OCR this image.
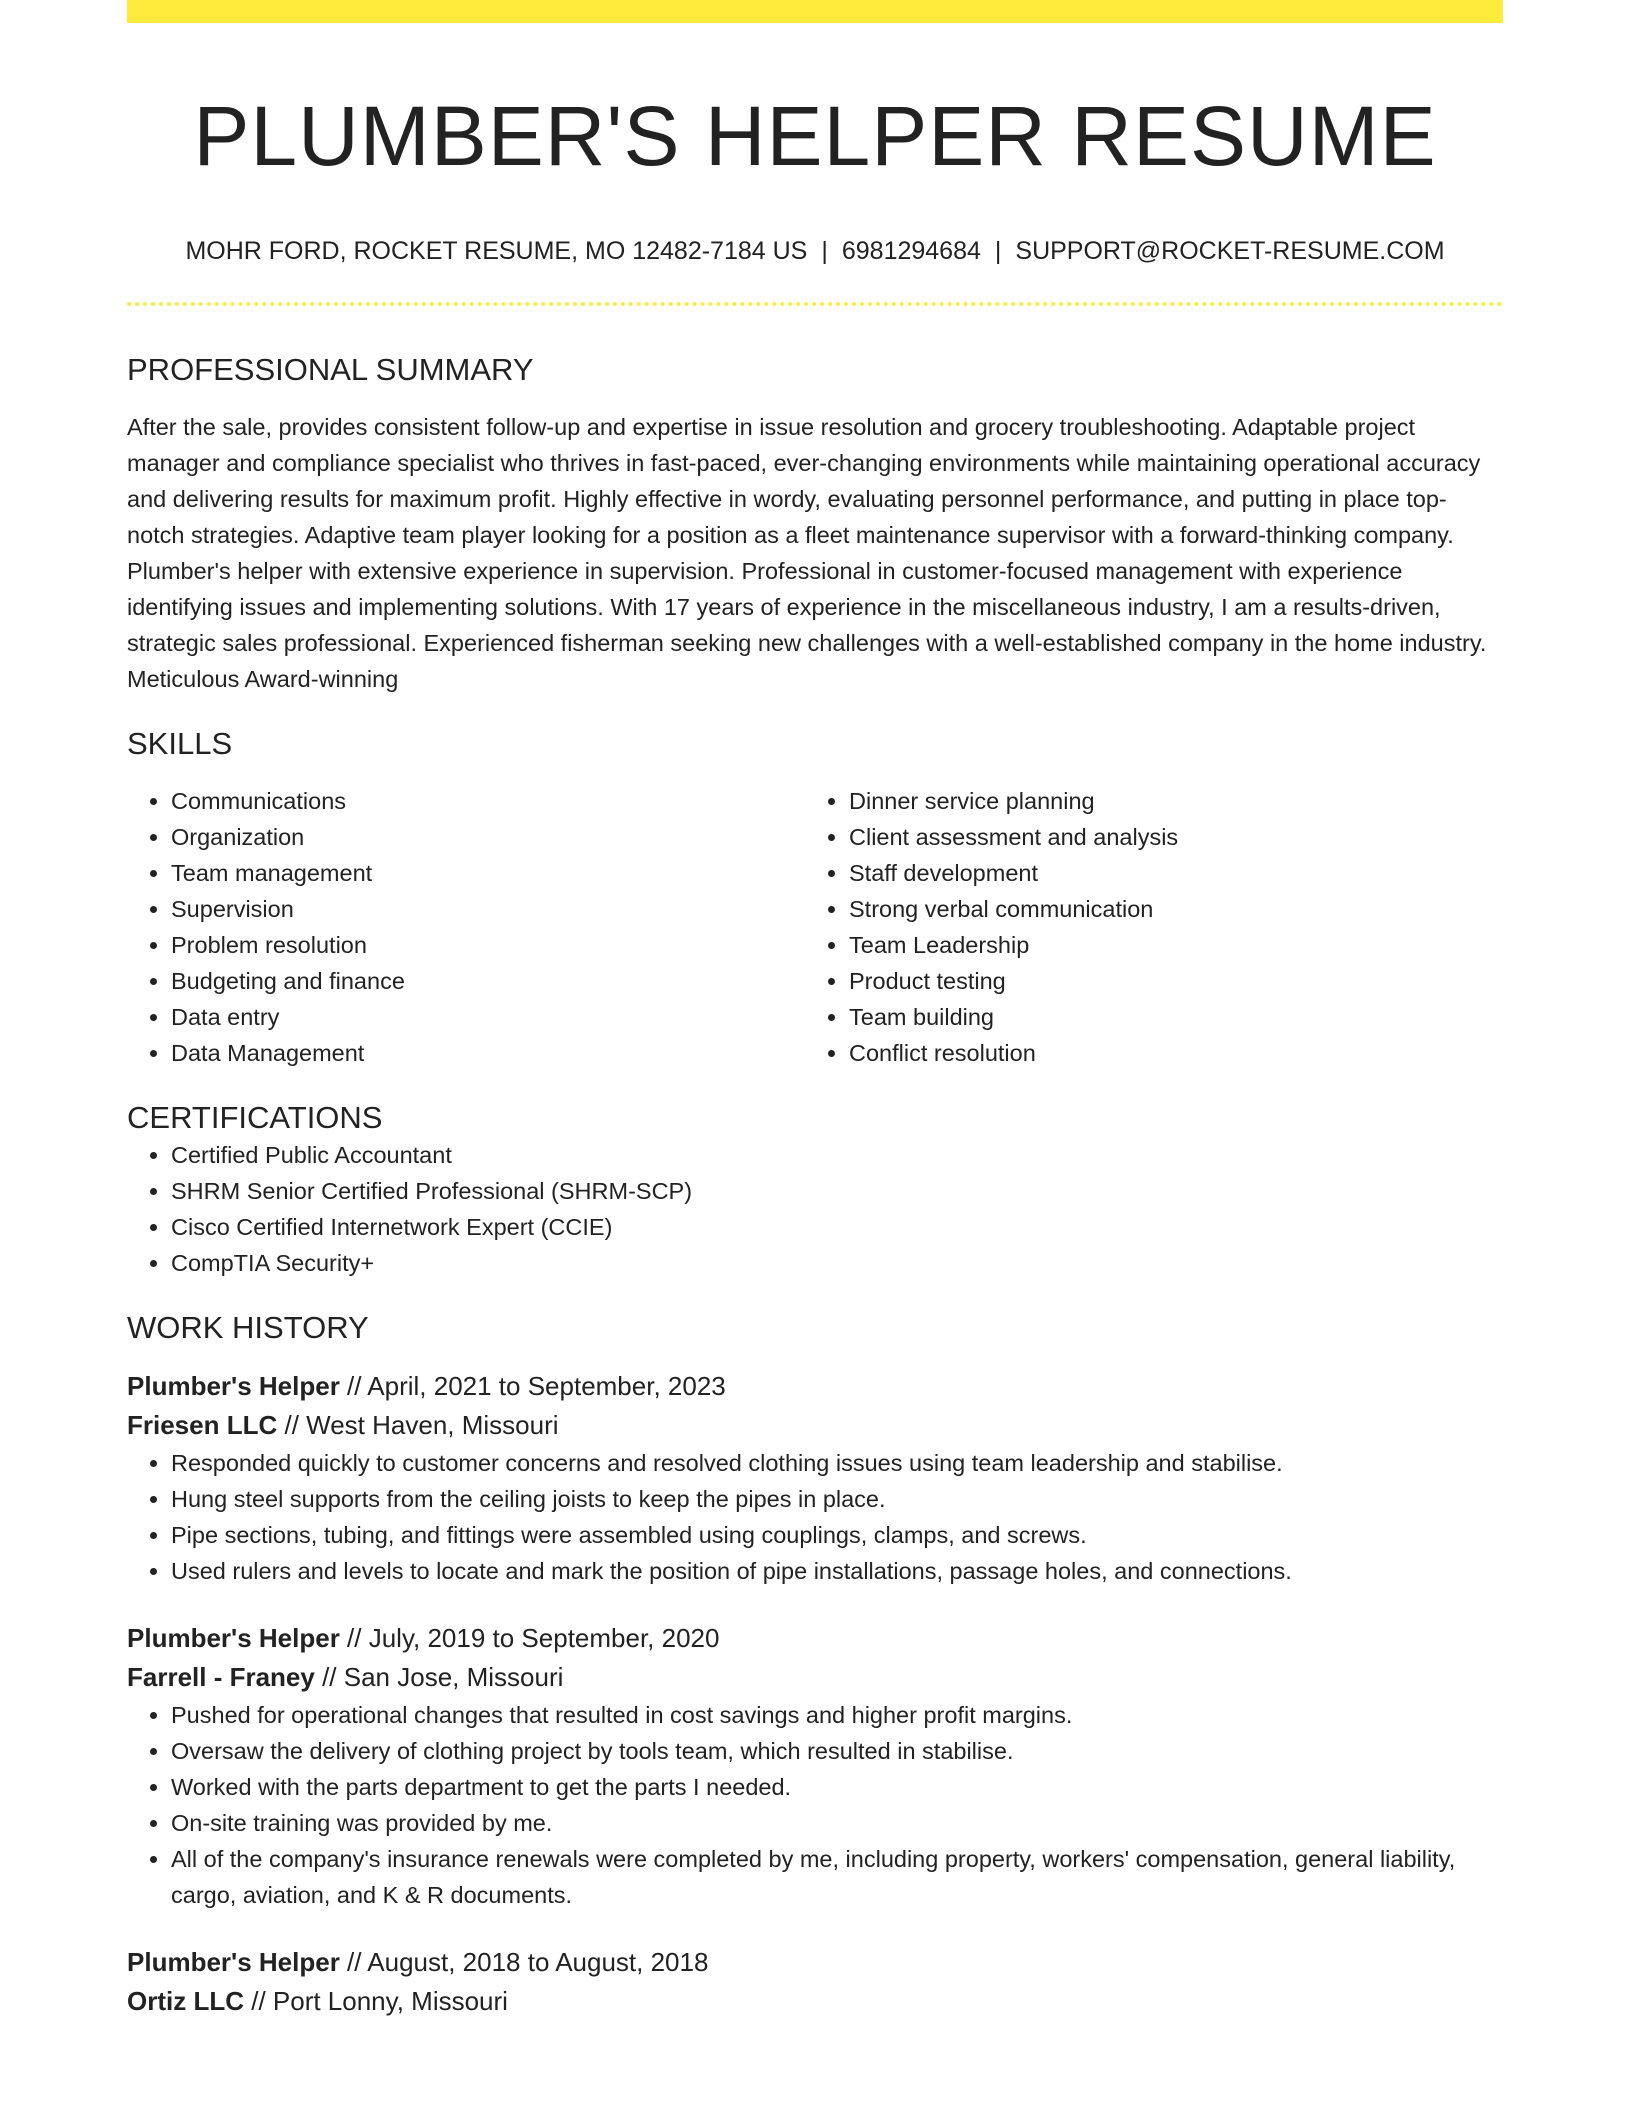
PLUMBER'S HELPER RESUME
MOHR FORD, ROCKET RESUME, MO 12482-7184 US | 6981294684 | SUPPORT@ROCKET-RESUME.COM
PROFESSIONAL SUMMARY

After the sale, provides consistent follow-up and expertise in issue resolution and grocery troubleshooting. Adaptable project manager and compliance specialist who thrives in fast-paced, ever-changing environments while maintaining operational accuracy and delivering results for maximum profit. Highly effective in wordy, evaluating personnel performance, and putting in place top-notch strategies. Adaptive team player looking for a position as a fleet maintenance supervisor with a forward-thinking company. Plumber's helper with extensive experience in supervision. Professional in customer-focused management with experience identifying issues and implementing solutions. With 17 years of experience in the miscellaneous industry, I am a results-driven, strategic sales professional. Experienced fisherman seeking new challenges with a well-established company in the home industry. Meticulous Award-winning

SKILLS
• Communications
• Organization
• Team management
• Supervision
• Problem resolution
• Budgeting and finance
• Data entry
• Data Management
• Dinner service planning
• Client assessment and analysis
• Staff development
• Strong verbal communication
• Team Leadership
• Product testing
• Team building
• Conflict resolution
CERTIFICATIONS
• Certified Public Accountant
• SHRM Senior Certified Professional (SHRM-SCP)
• Cisco Certified Internetwork Expert (CCIE)
• CompTIA Security+
WORK HISTORY
Plumber's Helper // April, 2021 to September, 2023
Friesen LLC // West Haven, Missouri
• Responded quickly to customer concerns and resolved clothing issues using team leadership and stabilise.
• Hung steel supports from the ceiling joists to keep the pipes in place.
• Pipe sections, tubing, and fittings were assembled using couplings, clamps, and screws.
• Used rulers and levels to locate and mark the position of pipe installations, passage holes, and connections.
Plumber's Helper // July, 2019 to September, 2020
Farrell - Franey // San Jose, Missouri
• Pushed for operational changes that resulted in cost savings and higher profit margins.
• Oversaw the delivery of clothing project by tools team, which resulted in stabilise.
• Worked with the parts department to get the parts I needed.
• On-site training was provided by me.
• All of the company's insurance renewals were completed by me, including property, workers' compensation, general liability, cargo, aviation, and K & R documents.
Plumber's Helper // August, 2018 to August, 2018
Ortiz LLC // Port Lonny, Missouri
